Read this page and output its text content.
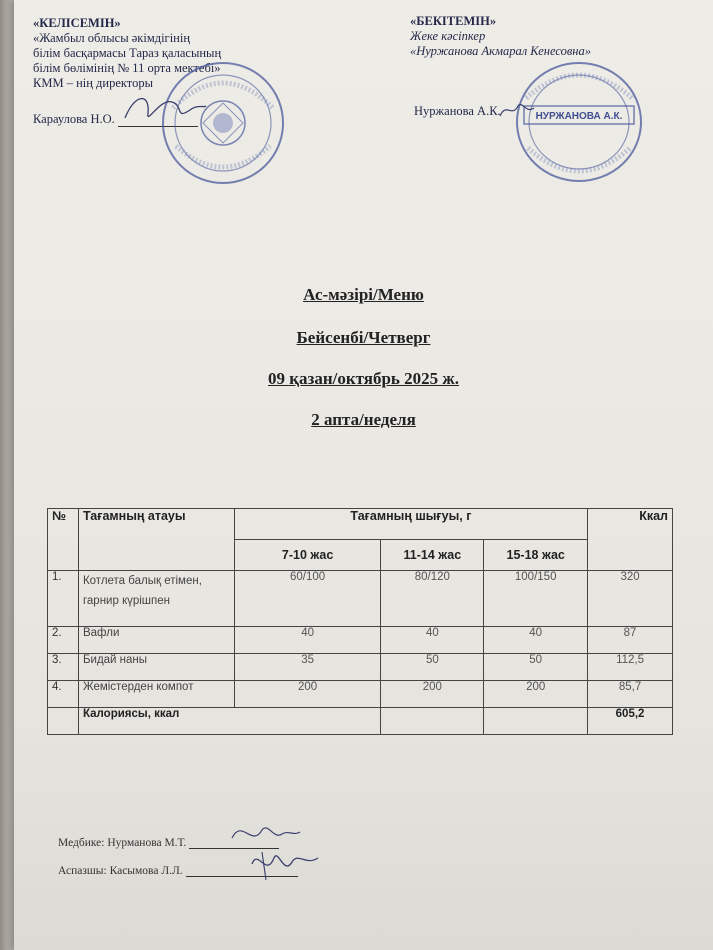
«КЕЛІСЕМІН»
«Жамбыл облысы әкімдігінің
білім басқармасы Тараз қаласының
білім бөлімінің № 11 орта мектебі»
КММ – нің директоры
Караулова Н.О.
«БЕКІТЕМІН»
Жеке кәсіпкер
«Нуржанова Акмарал Кенесовна»
Нуржанова А.К.	НУРЖАНОВА А.К.
Ас-мәзірі/Меню
Бейсенбі/Четверг
09 қазан/октябрь 2025 ж.
2 апта/неделя
№	Тағамның атауы	Тағамның шығуы, г			Ккал
		7-10 жас	11-14 жас	15-18 жас	
1.	Котлета балық етімен, гарнир күрішпен	60/100	80/120	100/150	320
2.	Вафли	40	40	40	87
3.	Бидай наны	35	50	50	112,5
4.	Жемістерден компот	200	200	200	85,7
	Калориясы, ккал				605,2
Медбике: Нурманова М.Т.
Аспазшы: Касымова Л.Л.
